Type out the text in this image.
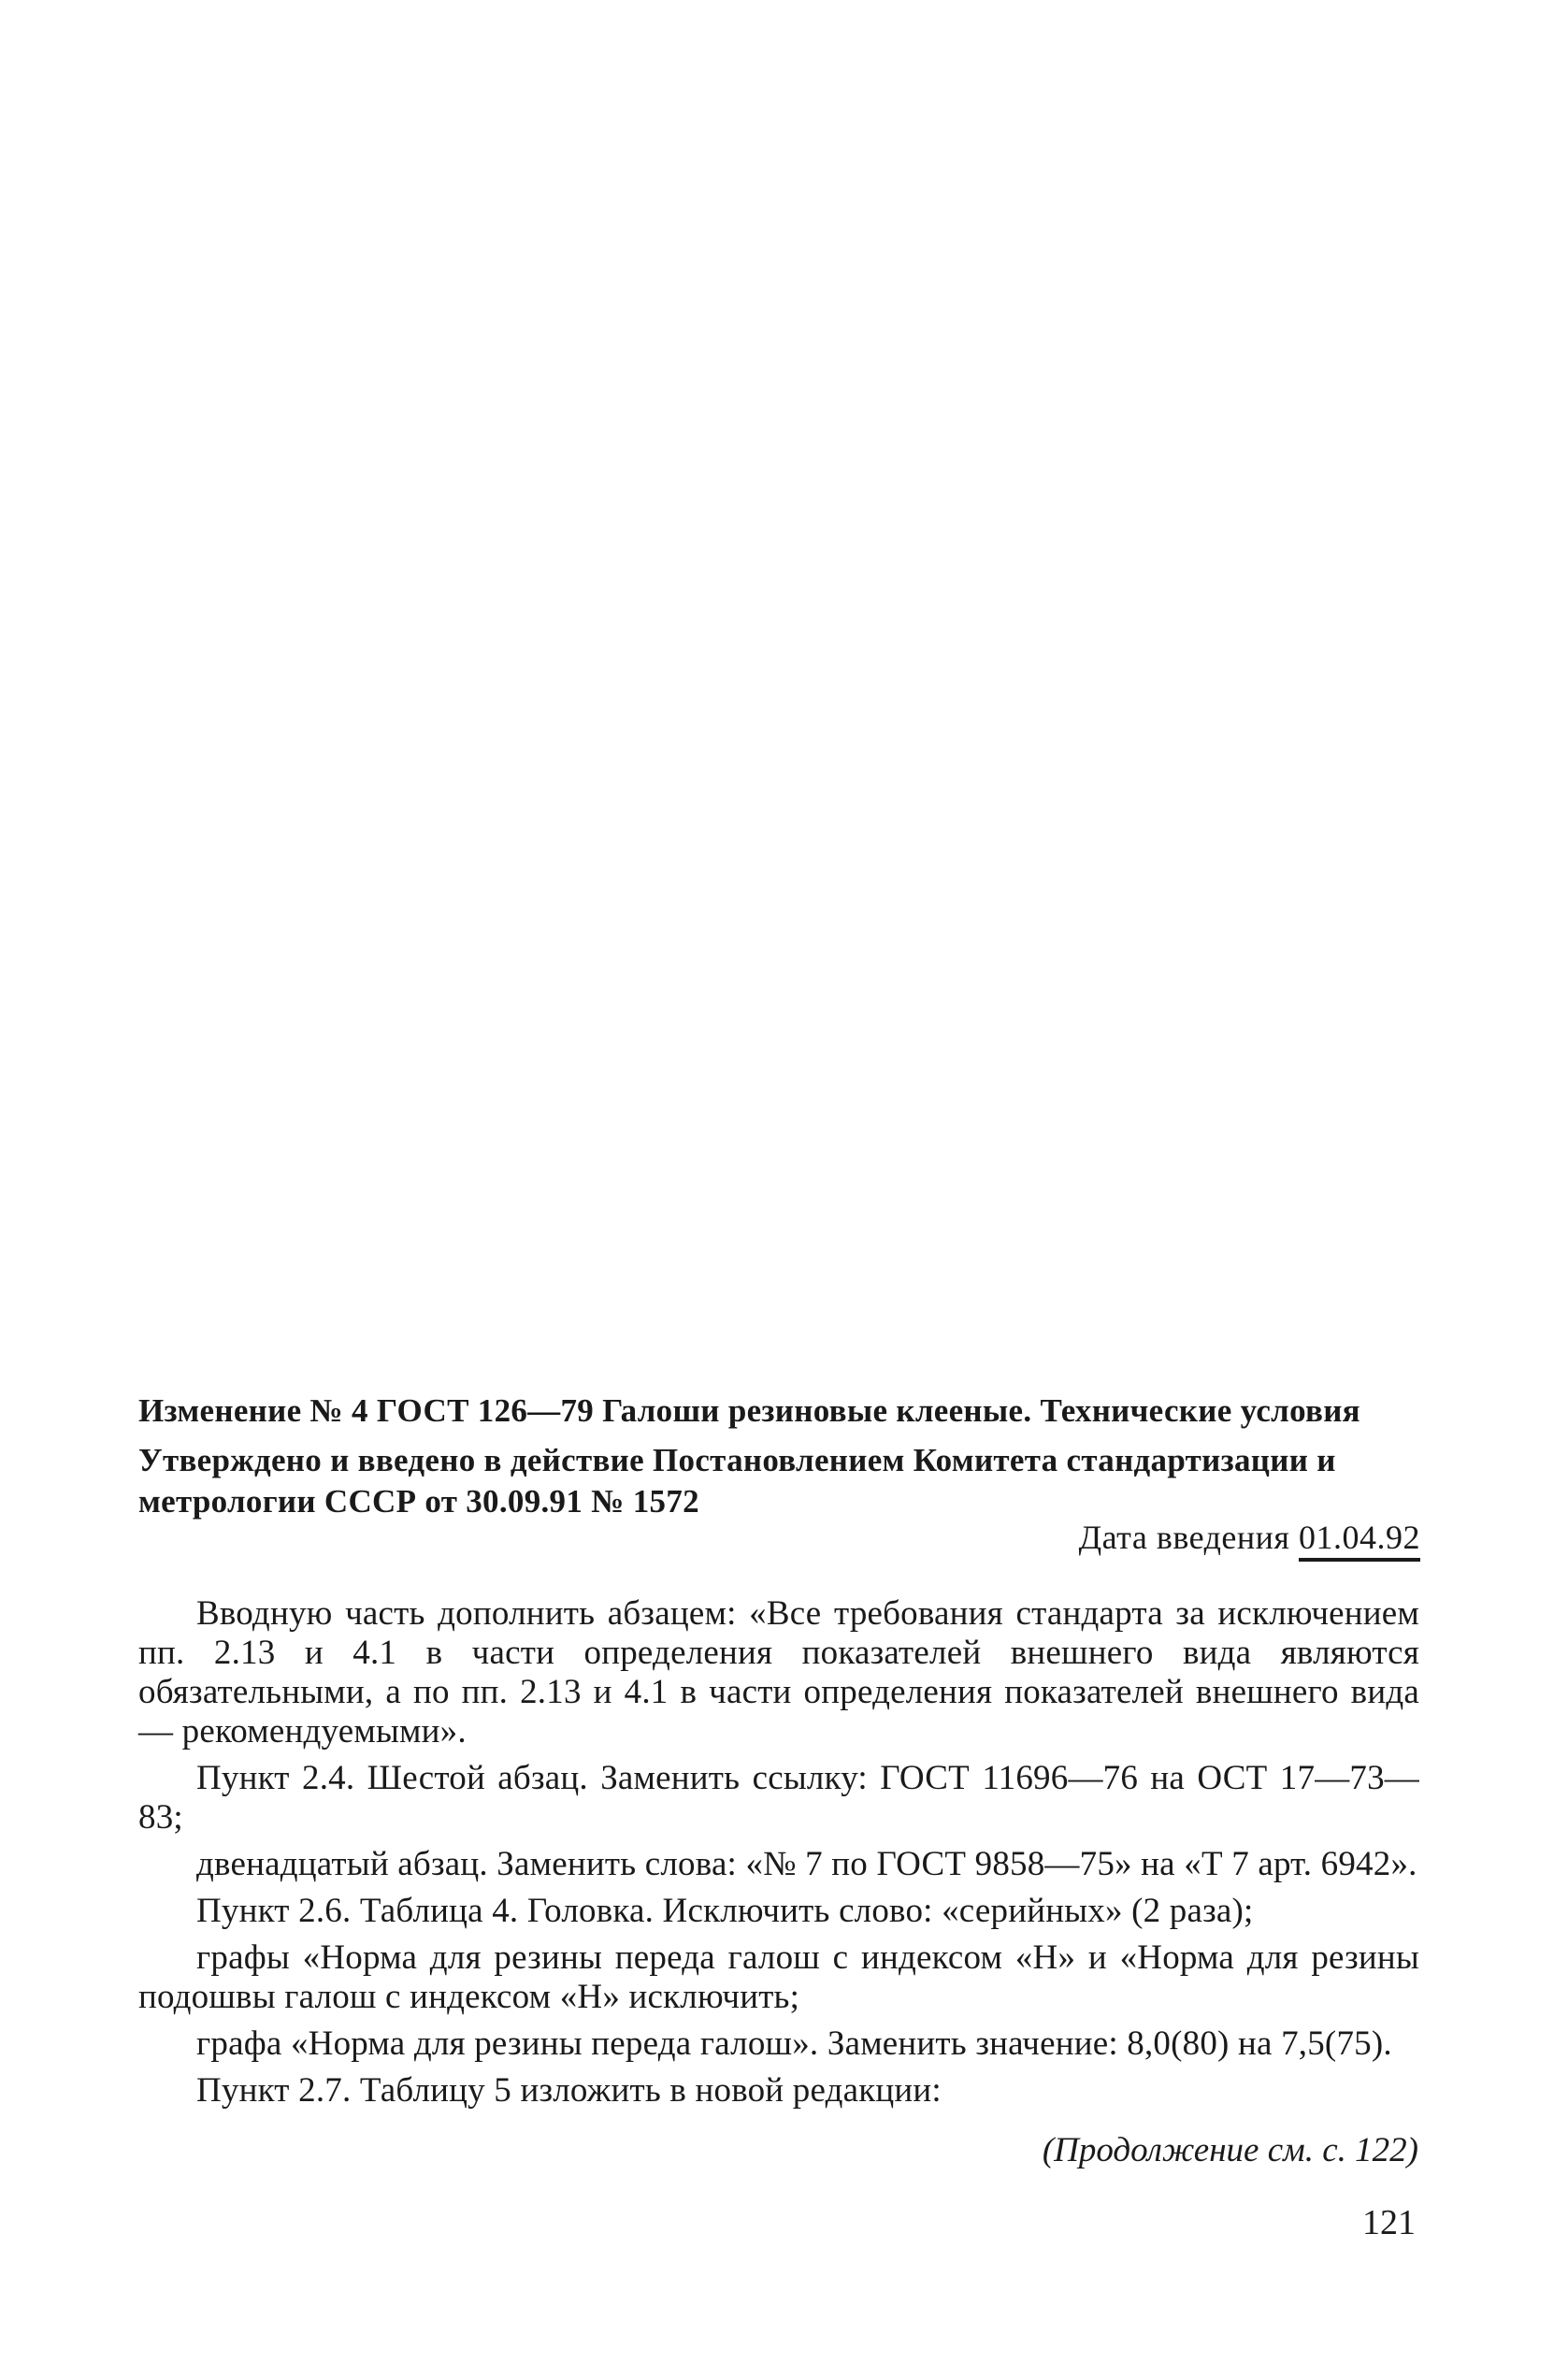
Изменение № 4 ГОСТ 126—79 Галоши резиновые клееные. Технические условия
Утверждено и введено в действие Постановлением Комитета стандартизации и метрологии СССР от 30.09.91 № 1572
Дата введения 01.04.92

Вводную часть дополнить абзацем: «Все требования стандарта за исключением пп. 2.13 и 4.1 в части определения показателей внешнего вида являются обязательными, а по пп. 2.13 и 4.1 в части определения показателей внешнего вида — рекомендуемыми».

Пункт 2.4. Шестой абзац. Заменить ссылку: ГОСТ 11696—76 на ОСТ 17—73—83;

двенадцатый абзац. Заменить слова: «№ 7 по ГОСТ 9858—75» на «Т 7 арт. 6942».

Пункт 2.6. Таблица 4. Головка. Исключить слово: «серийных» (2 раза);

графы «Норма для резины переда галош с индексом «Н» и «Норма для резины подошвы галош с индексом «Н» исключить;

графа «Норма для резины переда галош». Заменить значение: 8,0(80) на 7,5(75).

Пункт 2.7. Таблицу 5 изложить в новой редакции:

(Продолжение см. с. 122)
121
